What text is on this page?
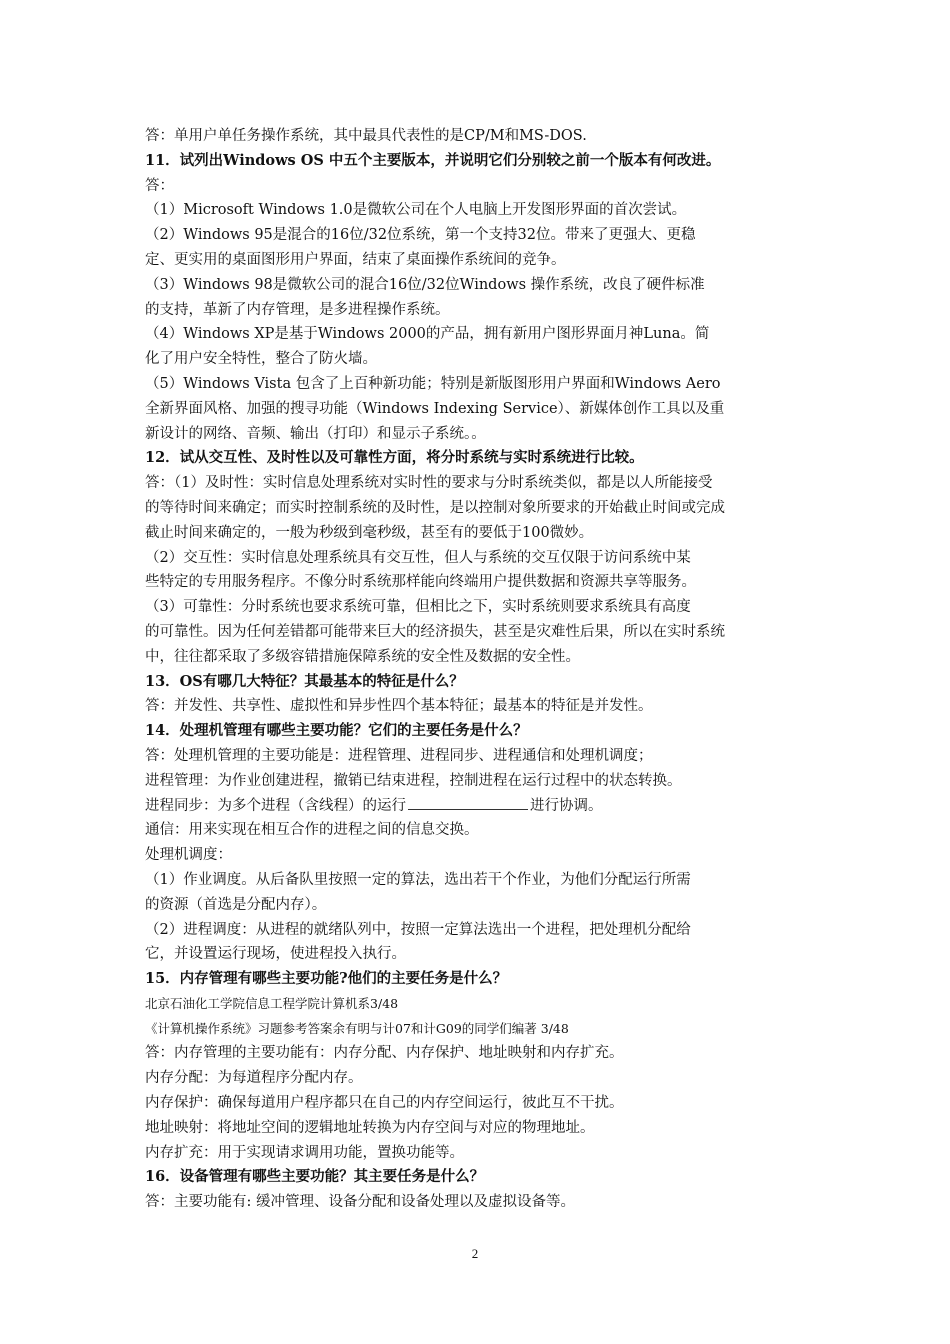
答：单用户单任务操作系统，其中最具代表性的是CP/M和MS-DOS.
11．试列出Windows OS 中五个主要版本，并说明它们分别较之前一个版本有何改进。
答：
（1）Microsoft Windows 1.0是微软公司在个人电脑上开发图形界面的首次尝试。
（2）Windows 95是混合的16位/32位系统，第一个支持32位。带来了更强大、更稳
定、更实用的桌面图形用户界面，结束了桌面操作系统间的竞争。
（3）Windows 98是微软公司的混合16位/32位Windows 操作系统，改良了硬件标准
的支持，革新了内存管理，是多进程操作系统。
（4）Windows XP是基于Windows 2000的产品，拥有新用户图形界面月神Luna。简
化了用户安全特性，整合了防火墙。
（5）Windows Vista 包含了上百种新功能；特别是新版图形用户界面和Windows Aero
全新界面风格、加强的搜寻功能（Windows Indexing Service）、新媒体创作工具以及重
新设计的网络、音频、输出（打印）和显示子系统。。
12．试从交互性、及时性以及可靠性方面，将分时系统与实时系统进行比较。
答：（1）及时性：实时信息处理系统对实时性的要求与分时系统类似，都是以人所能接受
的等待时间来确定；而实时控制系统的及时性，是以控制对象所要求的开始截止时间或完成
截止时间来确定的，一般为秒级到毫秒级，甚至有的要低于100微妙。
（2）交互性：实时信息处理系统具有交互性，但人与系统的交互仅限于访问系统中某
些特定的专用服务程序。不像分时系统那样能向终端用户提供数据和资源共享等服务。
（3）可靠性：分时系统也要求系统可靠，但相比之下，实时系统则要求系统具有高度
的可靠性。因为任何差错都可能带来巨大的经济损失，甚至是灾难性后果，所以在实时系统
中，往往都采取了多级容错措施保障系统的安全性及数据的安全性。
13．OS有哪几大特征？其最基本的特征是什么？
答：并发性、共享性、虚拟性和异步性四个基本特征；最基本的特征是并发性。
14．处理机管理有哪些主要功能？它们的主要任务是什么？
答：处理机管理的主要功能是：进程管理、进程同步、进程通信和处理机调度；
进程管理：为作业创建进程，撤销已结束进程，控制进程在运行过程中的状态转换。
进程同步：为多个进程（含线程）的运行	进行协调。
通信：用来实现在相互合作的进程之间的信息交换。
处理机调度：
（1）作业调度。从后备队里按照一定的算法，选出若干个作业，为他们分配运行所需
的资源（首选是分配内存）。
（2）进程调度：从进程的就绪队列中，按照一定算法选出一个进程，把处理机分配给
它，并设置运行现场，使进程投入执行。
15．内存管理有哪些主要功能?他们的主要任务是什么？
北京石油化工学院信息工程学院计算机系3/48
《计算机操作系统》习题参考答案余有明与计07和计G09的同学们编著 3/48
答：内存管理的主要功能有：内存分配、内存保护、地址映射和内存扩充。
内存分配：为每道程序分配内存。
内存保护：确保每道用户程序都只在自己的内存空间运行，彼此互不干扰。
地址映射：将地址空间的逻辑地址转换为内存空间与对应的物理地址。
内存扩充：用于实现请求调用功能，置换功能等。
16．设备管理有哪些主要功能？其主要任务是什么？
答：主要功能有: 缓冲管理、设备分配和设备处理以及虚拟设备等。
2
